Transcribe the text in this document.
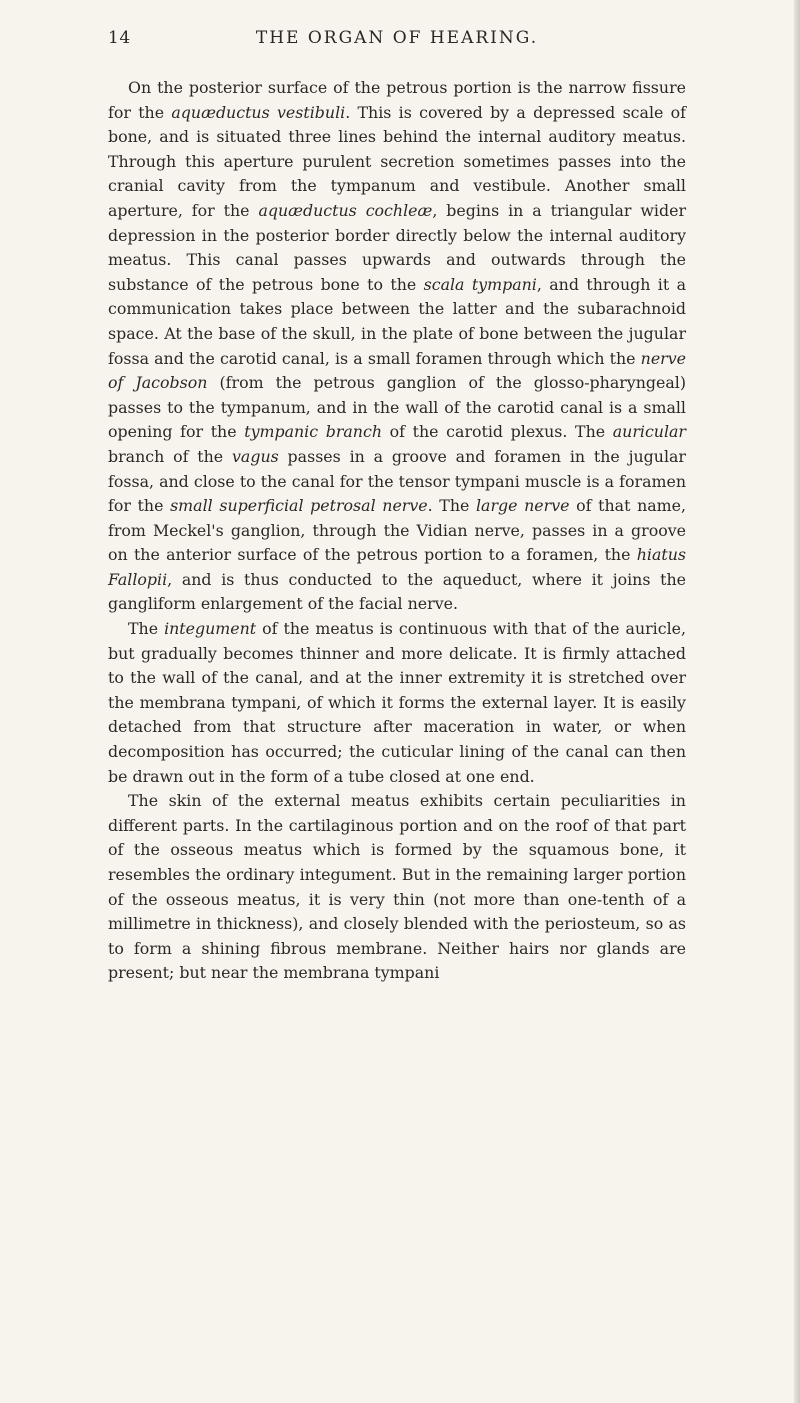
14	THE ORGAN OF HEARING.

On the posterior surface of the petrous portion is the narrow fissure for the aquæductus vestibuli. This is covered by a depressed scale of bone, and is situated three lines behind the internal auditory meatus. Through this aperture purulent secretion sometimes passes into the cranial cavity from the tympanum and vestibule. Another small aperture, for the aquæductus cochleæ, begins in a triangular wider depression in the posterior border directly below the internal auditory meatus. This canal passes upwards and outwards through the substance of the petrous bone to the scala tympani, and through it a communication takes place between the latter and the subarachnoid space. At the base of the skull, in the plate of bone between the jugular fossa and the carotid canal, is a small foramen through which the nerve of Jacobson (from the petrous ganglion of the glosso-pharyngeal) passes to the tympanum, and in the wall of the carotid canal is a small opening for the tympanic branch of the carotid plexus. The auricular branch of the vagus passes in a groove and foramen in the jugular fossa, and close to the canal for the tensor tympani muscle is a foramen for the small superficial petrosal nerve. The large nerve of that name, from Meckel's ganglion, through the Vidian nerve, passes in a groove on the anterior surface of the petrous portion to a foramen, the hiatus Fallopii, and is thus conducted to the aqueduct, where it joins the gangliform enlargement of the facial nerve.

The integument of the meatus is continuous with that of the auricle, but gradually becomes thinner and more delicate. It is firmly attached to the wall of the canal, and at the inner extremity it is stretched over the membrana tympani, of which it forms the external layer. It is easily detached from that structure after maceration in water, or when decomposition has occurred; the cuticular lining of the canal can then be drawn out in the form of a tube closed at one end.

The skin of the external meatus exhibits certain peculiarities in different parts. In the cartilaginous portion and on the roof of that part of the osseous meatus which is formed by the squamous bone, it resembles the ordinary integument. But in the remaining larger portion of the osseous meatus, it is very thin (not more than one-tenth of a millimetre in thickness), and closely blended with the periosteum, so as to form a shining fibrous membrane. Neither hairs nor glands are present; but near the membrana tympani
